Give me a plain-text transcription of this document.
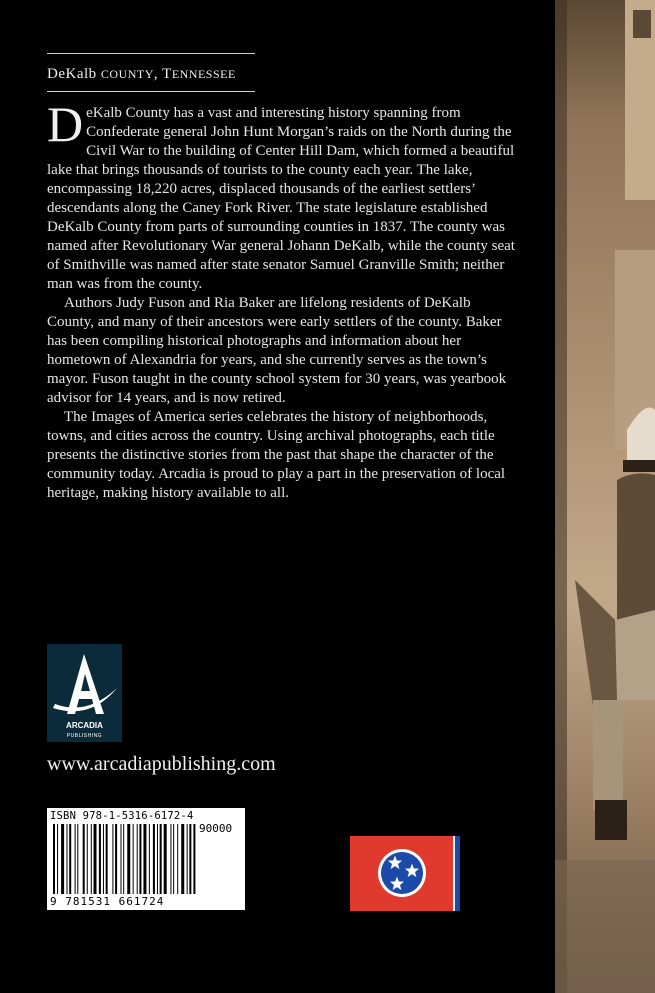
DeKalb COUNTY, TENNESSEE

DeKalb County has a vast and interesting history spanning from Confederate general John Hunt Morgan’s raids on the North during the Civil War to the building of Center Hill Dam, which formed a beautiful lake that brings thousands of tourists to the county each year. The lake, encompassing 18,220 acres, displaced thousands of the earliest settlers’ descendants along the Caney Fork River. The state legislature established DeKalb County from parts of surrounding counties in 1837. The county was named after Revolutionary War general Johann DeKalb, while the county seat of Smithville was named after state senator Samuel Granville Smith; neither man was from the county.

Authors Judy Fuson and Ria Baker are lifelong residents of DeKalb County, and many of their ancestors were early settlers of the county. Baker has been compiling historical photographs and information about her hometown of Alexandria for years, and she currently serves as the town’s mayor. Fuson taught in the county school system for 30 years, was yearbook advisor for 14 years, and is now retired.

The Images of America series celebrates the history of neighborhoods, towns, and cities across the country. Using archival photographs, each title presents the distinctive stories from the past that shape the character of the community today. Arcadia is proud to play a part in the preservation of local heritage, making history available to all.

ARCADIA
PUBLISHING
www.arcadiapublishing.com
ISBN 978-1-5316-6172-4
90000
9 781531 661724
